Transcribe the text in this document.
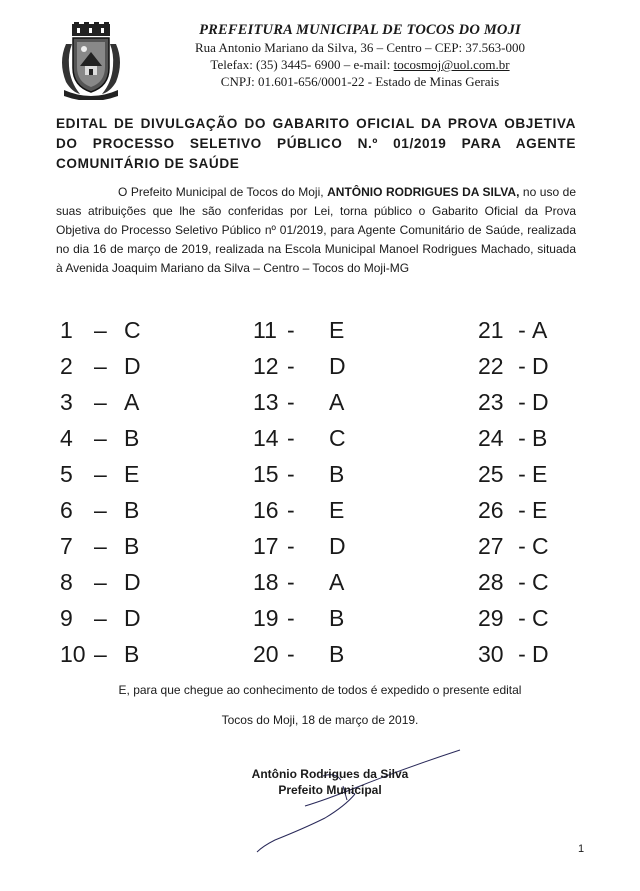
PREFEITURA MUNICIPAL DE TOCOS DO MOJI
Rua Antonio Mariano da Silva, 36 – Centro – CEP: 37.563-000
Telefax: (35) 3445- 6900 – e-mail: tocosmoj@uol.com.br
CNPJ: 01.601-656/0001-22 - Estado de Minas Gerais
EDITAL DE DIVULGAÇÃO DO GABARITO OFICIAL DA PROVA OBJETIVA DO PROCESSO SELETIVO PÚBLICO N.º 01/2019 PARA AGENTE COMUNITÁRIO DE SAÚDE

O Prefeito Municipal de Tocos do Moji, ANTÔNIO RODRIGUES DA SILVA, no uso de suas atribuições que lhe são conferidas por Lei, torna público o Gabarito Oficial da Prova Objetiva do Processo Seletivo Público nº 01/2019, para Agente Comunitário de Saúde, realizada no dia 16 de março de 2019, realizada na Escola Municipal Manoel Rodrigues Machado, situada à Avenida Joaquim Mariano da Silva – Centro – Tocos do Moji-MG

1 – C
2 – D
3 – A
4 – B
5 – E
6 – B
7 – B
8 – D
9 – D
10 – B
11 - E
12 - D
13 - A
14 - C
15 - B
16 - E
17 - D
18 - A
19 - B
20 - B
21 - A
22 - D
23 - D
24 - B
25 - E
26 - E
27 - C
28 - C
29 - C
30 - D
E, para que chegue ao conhecimento de todos é expedido o presente edital
Tocos do Moji, 18 de março de 2019.
Antônio Rodrigues da Silva
Prefeito Municipal
1
